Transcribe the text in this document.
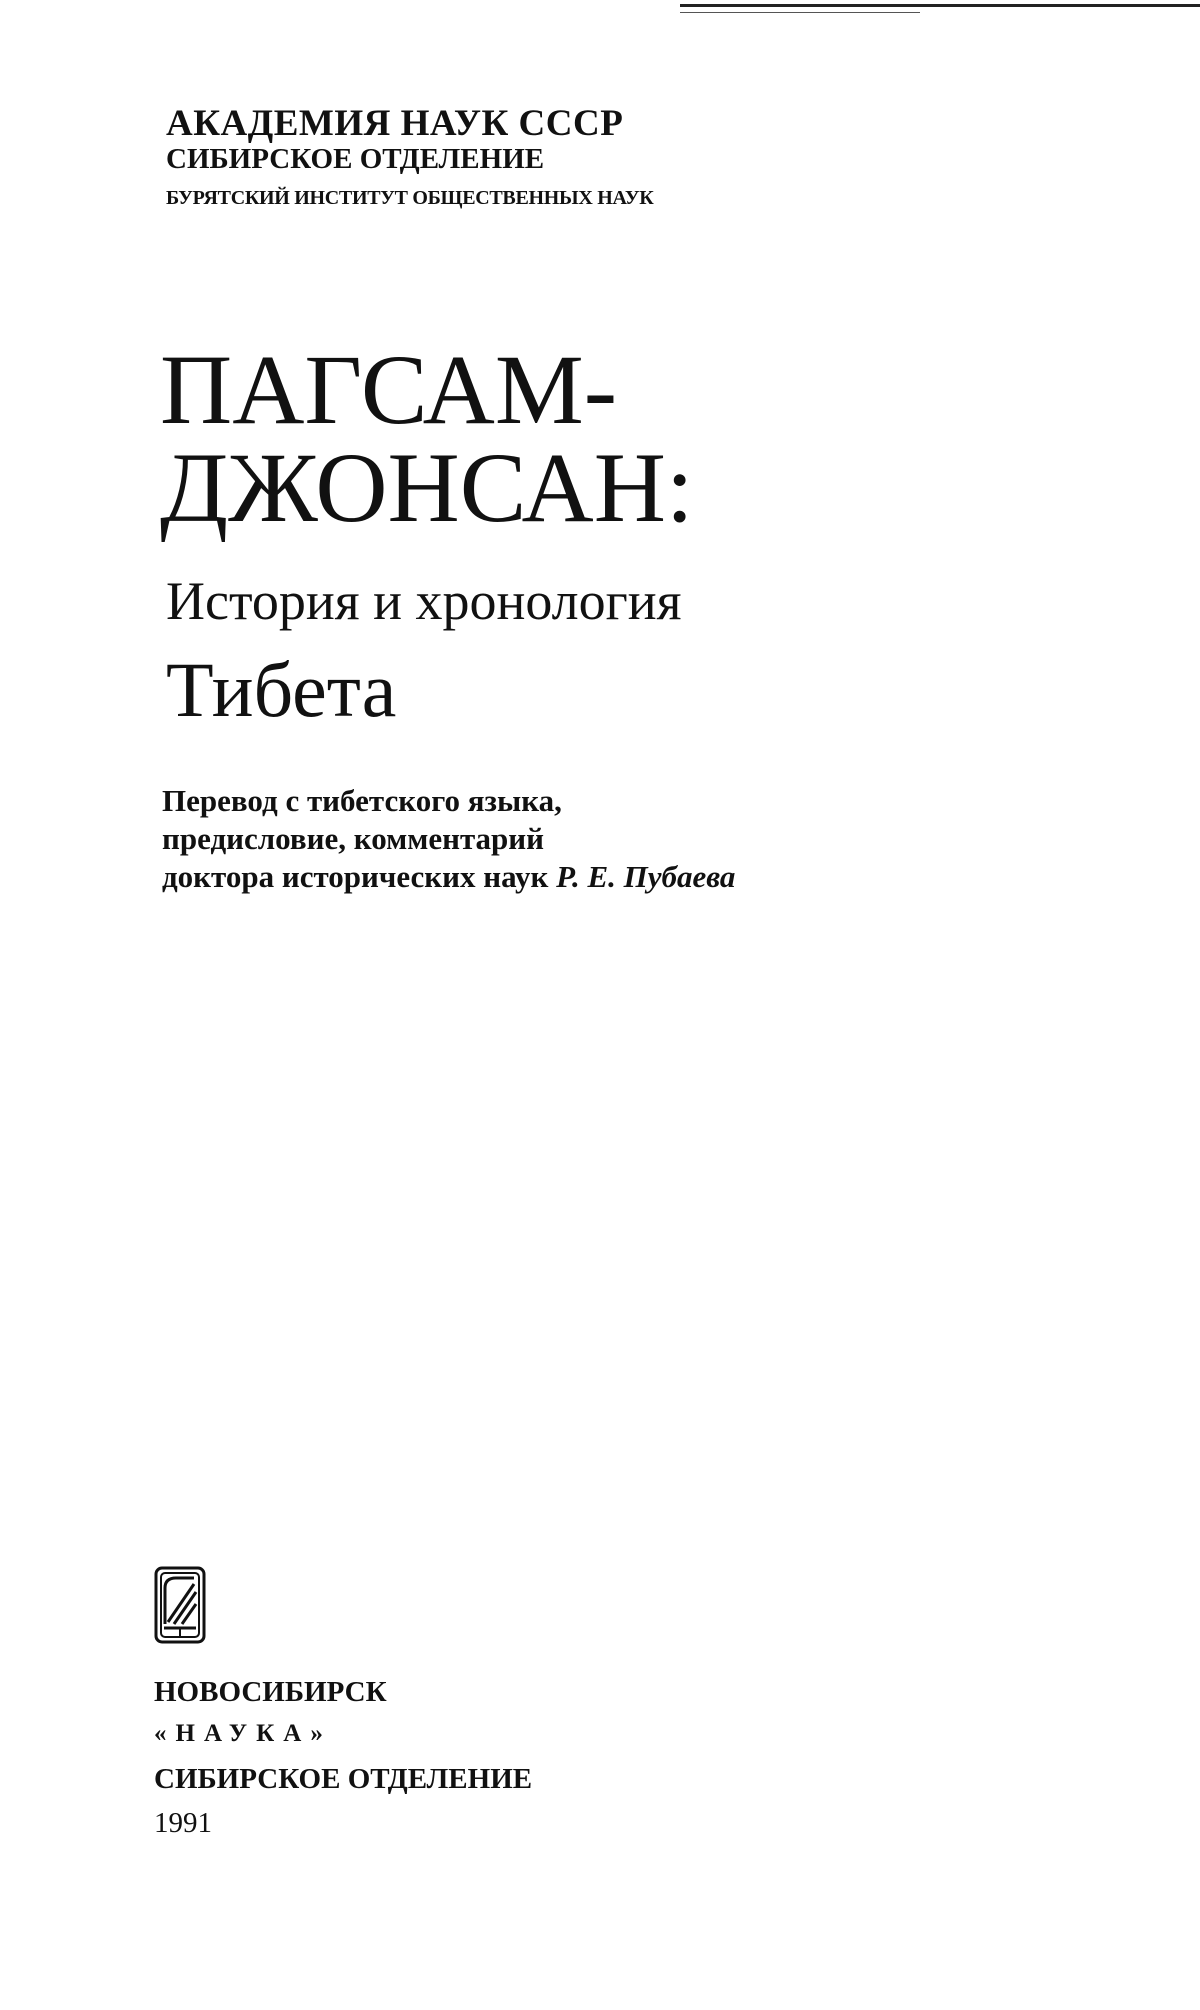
АКАДЕМИЯ НАУК СССР
СИБИРСКОЕ ОТДЕЛЕНИЕ
БУРЯТСКИЙ ИНСТИТУТ ОБЩЕСТВЕННЫХ НАУК
ПАГСАМ-
ДЖОНСАН:
История и хронология
Тибета
Перевод с тибетского языка,
предисловие, комментарий
доктора исторических наук Р. Е. Пубаева
НОВОСИБИРСК
«НАУКА»
СИБИРСКОЕ ОТДЕЛЕНИЕ
1991
